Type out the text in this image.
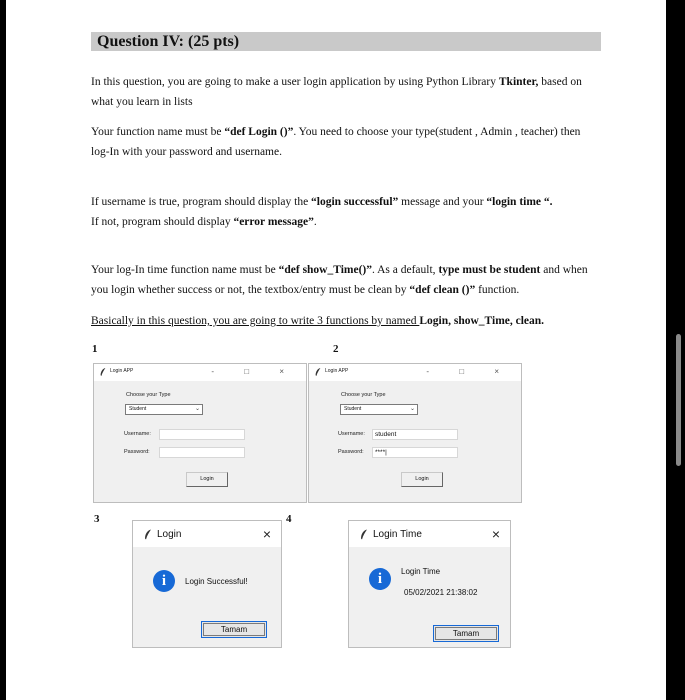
Question IV: (25 pts)

In this question, you are going to make a user login application by using Python Library Tkinter, based on what you learn in lists

Your function name must be “def Login ()”. You need to choose your type(student , Admin , teacher) then log-In with your password and username.

If username is true, program should display the “login successful” message and your “login time “.
If not, program should display “error message”.

Your log-In time function name must be “def show_Time()”. As a default, type must be student and when you login whether success or not, the textbox/entry must be clean by “def clean ()” function.

Basically in this question, you are going to write 3 functions by named Login, show_Time, clean.

1	2
3	4
Login APP	- □ ×
Choose your Type
Student	⌄
Username:
Password:
Login
Login APP	- □ ×
Choose your Type
Student	⌄
Username:	student
Password:	****|
Login
Login	×
i	Login Successful!
Tamam
Login Time	×
i	Login Time
05/02/2021 21:38:02
Tamam
